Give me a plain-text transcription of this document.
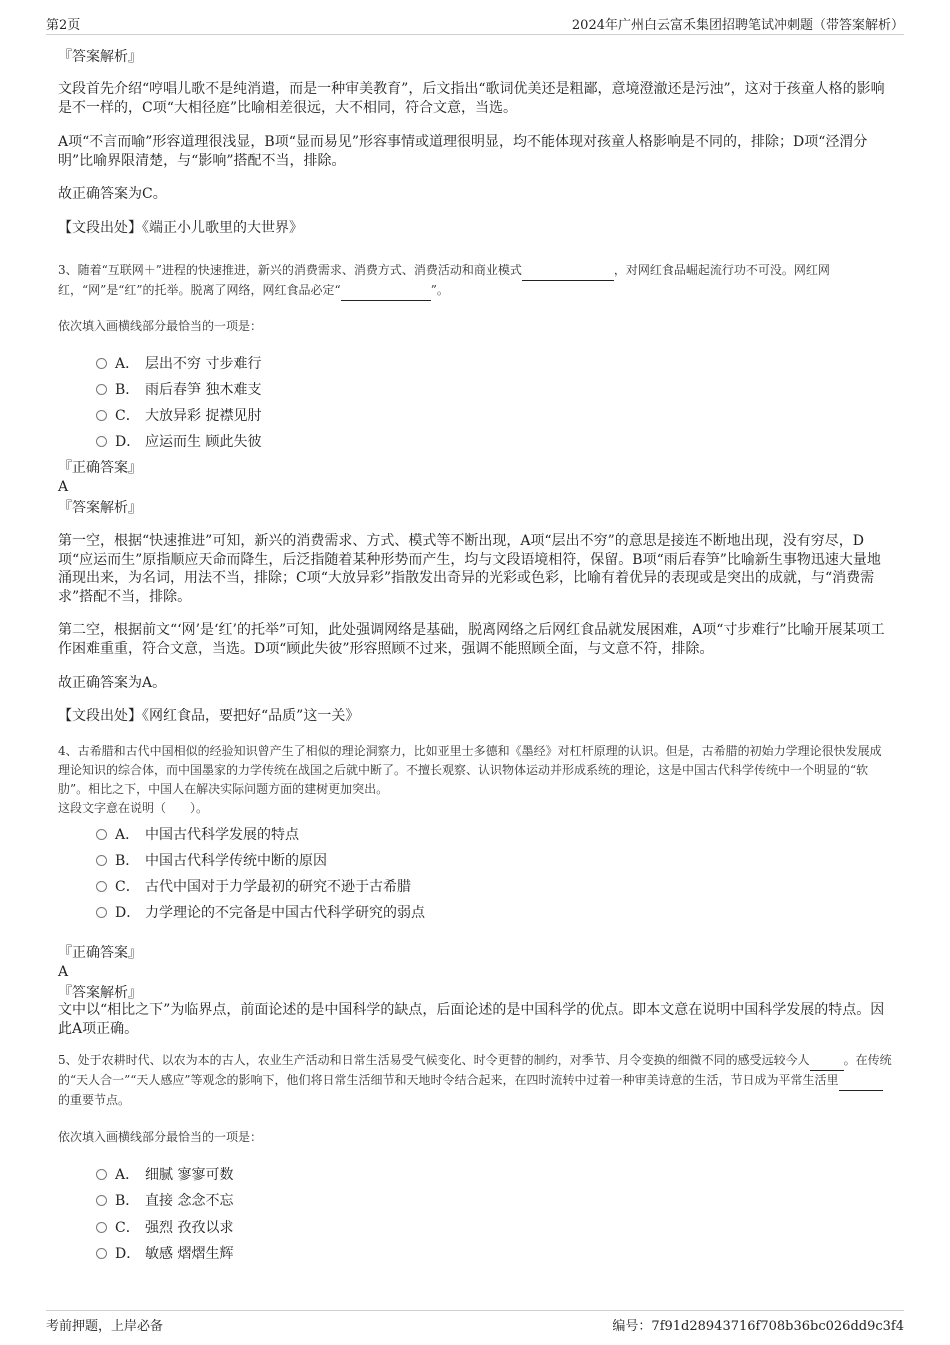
第2页	2024年广州白云富禾集团招聘笔试冲刺题（带答案解析）

『答案解析』

文段首先介绍“哼唱儿歌不是纯消遣，而是一种审美教育”，后文指出“歌词优美还是粗鄙，意境澄澈还是污浊”，这对于孩童人格的影响是不一样的，C项“大相径庭”比喻相差很远，大不相同，符合文意，当选。

A项“不言而喻”形容道理很浅显，B项“显而易见”形容事情或道理很明显，均不能体现对孩童人格影响是不同的，排除；D项“泾渭分明”比喻界限清楚，与“影响”搭配不当，排除。

故正确答案为C。

【文段出处】《端正小儿歌里的大世界》

3、随着“互联网＋”进程的快速推进，新兴的消费需求、消费方式、消费活动和商业模式	，对网红食品崛起流行功不可没。网红网红，“网”是“红”的托举。脱离了网络，网红食品必定“	”。

依次填入画横线部分最恰当的一项是：

A． 层出不穷 寸步难行
B． 雨后春笋 独木难支
C． 大放异彩 捉襟见肘
D． 应运而生 顾此失彼

『正确答案』

A

『答案解析』

第一空，根据“快速推进”可知，新兴的消费需求、方式、模式等不断出现，A项“层出不穷”的意思是接连不断地出现，没有穷尽，D项“应运而生”原指顺应天命而降生，后泛指随着某种形势而产生，均与文段语境相符，保留。B项“雨后春笋”比喻新生事物迅速大量地涌现出来，为名词，用法不当，排除；C项“大放异彩”指散发出奇异的光彩或色彩，比喻有着优异的表现或是突出的成就，与“消费需求”搭配不当，排除。

第二空，根据前文“‘网’是‘红’的托举”可知，此处强调网络是基础，脱离网络之后网红食品就发展困难，A项“寸步难行”比喻开展某项工作困难重重，符合文意，当选。D项“顾此失彼”形容照顾不过来，强调不能照顾全面，与文意不符，排除。

故正确答案为A。

【文段出处】《网红食品，要把好“品质”这一关》

4、古希腊和古代中国相似的经验知识曾产生了相似的理论洞察力，比如亚里士多德和《墨经》对杠杆原理的认识。但是，古希腊的初始力学理论很快发展成理论知识的综合体，而中国墨家的力学传统在战国之后就中断了。不擅长观察、认识物体运动并形成系统的理论，这是中国古代科学传统中一个明显的“软肋”。相比之下，中国人在解决实际问题方面的建树更加突出。

这段文字意在说明（　　）。

A． 中国古代科学发展的特点
B． 中国古代科学传统中断的原因
C． 古代中国对于力学最初的研究不逊于古希腊
D． 力学理论的不完备是中国古代科学研究的弱点

『正确答案』

A

『答案解析』

文中以“相比之下”为临界点，前面论述的是中国科学的缺点，后面论述的是中国科学的优点。即本文意在说明中国科学发展的特点。因此A项正确。

5、处于农耕时代、以农为本的古人，农业生产活动和日常生活易受气候变化、时令更替的制约，对季节、月令变换的细微不同的感受远较今人	。在传统的“天人合一”“天人感应”等观念的影响下，他们将日常生活细节和天地时令结合起来，在四时流转中过着一种审美诗意的生活，节日成为平常生活里 的重要节点。

依次填入画横线部分最恰当的一项是：

A． 细腻 寥寥可数
B． 直接 念念不忘
C． 强烈 孜孜以求
D． 敏感 熠熠生辉
考前押题，上岸必备	编号：7f91d28943716f708b36bc026dd9c3f4
